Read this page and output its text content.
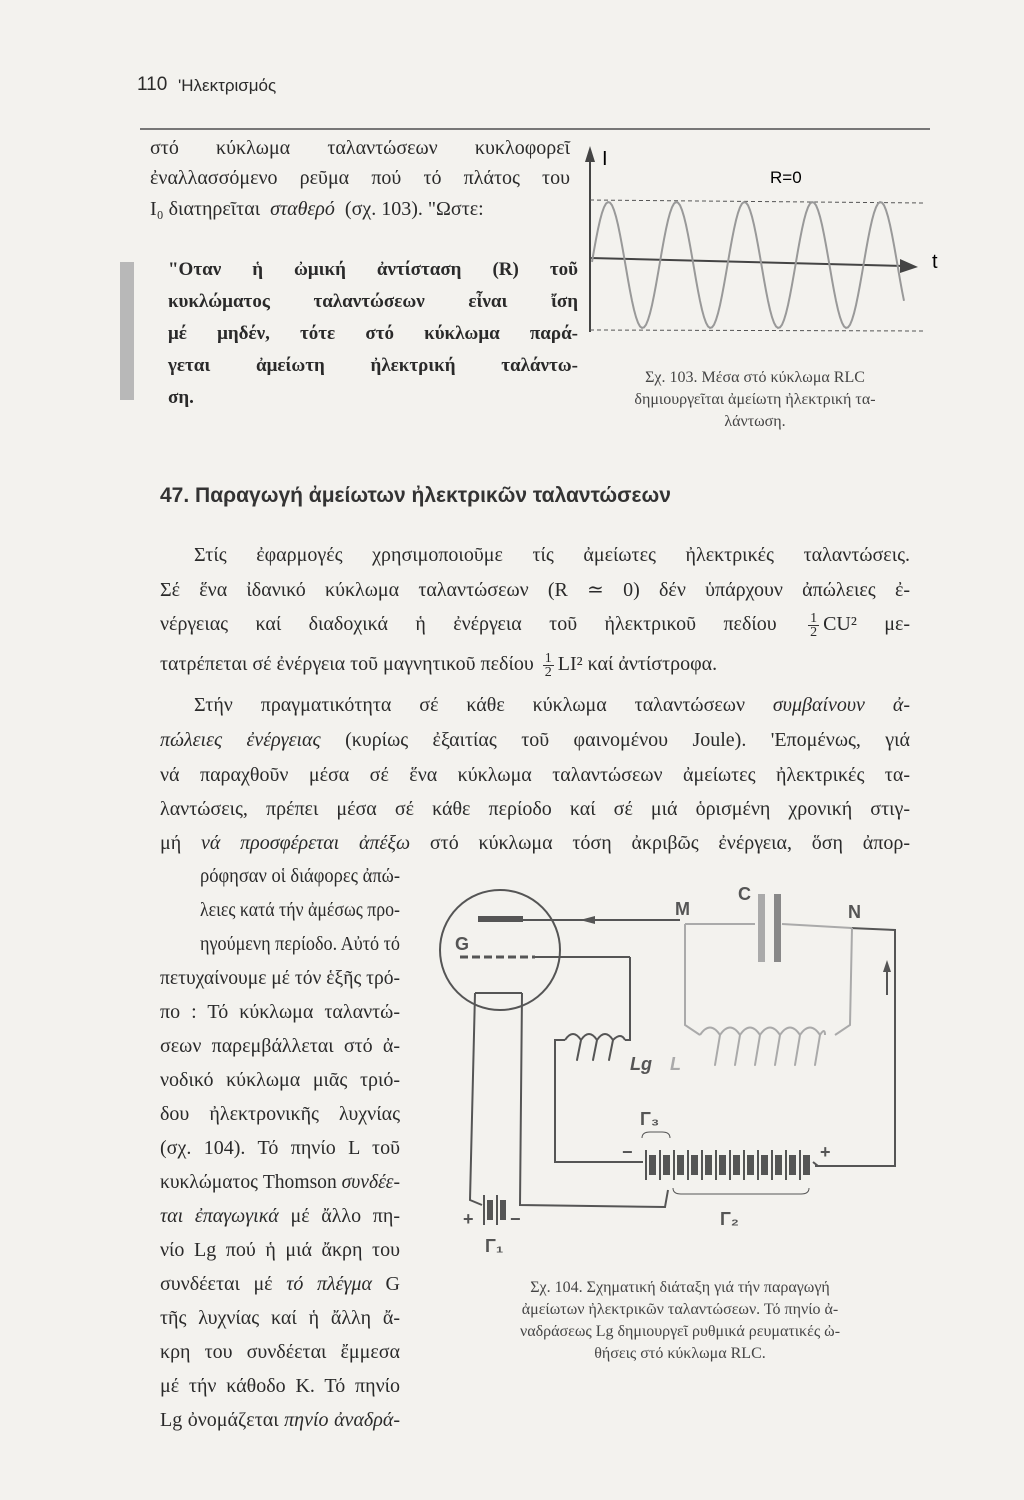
110 'Ηλεκτρισμός
στό κύκλωμα ταλαντώσεων κυκλοφορεῖ
ἐναλλασσόμενο ρεῦμα πού τό πλάτος του
I₀ διατηρεῖται σταθερό (σχ. 103). "Ωστε:
"Οταν ἡ ὠμική ἀντίσταση (R) τοῦ
κυκλώματος ταλαντώσεων εἶναι ἴση
μέ μηδέν, τότε στό κύκλωμα παρά-
γεται ἀμείωτη ἠλεκτρική ταλάντω-
ση.
I
t
R=0
Σχ. 103. Μέσα στό κύκλωμα RLC
δημιουργεῖται ἀμείωτη ἠλεκτρική τα-
λάντωση.
47. Παραγωγή ἀμείωτων ἠλεκτρικῶν ταλαντώσεων
Στίς ἐφαρμογές χρησιμοποιοῦμε τίς ἀμείωτες ἠλεκτρικές ταλαντώσεις.
Σέ ἕνα ἰδανικό κύκλωμα ταλαντώσεων (R ≃ 0) δέν ὑπάρχουν ἀπώλειες ἐ-
νέργειας καί διαδοχικά ἡ ἐνέργεια τοῦ ἠλεκτρικοῦ πεδίου $\frac{1}{2} CU^2$ με-
τατρέπεται σέ ἐνέργεια τοῦ μαγνητικοῦ πεδίου $\frac{1}{2} LI^2$ καί ἀντίστροφα.
Στήν πραγματικότητα σέ κάθε κύκλωμα ταλαντώσεων συμβαίνουν ἀ-
πώλειες ἐνέργειας (κυρίως ἐξαιτίας τοῦ φαινομένου Joule). 'Επομένως, γιά
νά παραχθοῦν μέσα σέ ἕνα κύκλωμα ταλαντώσεων ἀμείωτες ἠλεκτρικές τα-
λαντώσεις, πρέπει μέσα σέ κάθε περίοδο καί σέ μιά ὁρισμένη χρονική στιγ-
μή νά προσφέρεται ἀπέξω στό κύκλωμα τόση ἀκριβῶς ἐνέργεια, ὅση ἀπορ-
ρόφησαν οἱ διάφορες ἀπώ-
λειες κατά τήν ἀμέσως προ-
ηγούμενη περίοδο. Αὐτό τό
πετυχαίνουμε μέ τόν ἑξῆς τρό-
πο : Τό κύκλωμα ταλαντώ-
σεων παρεμβάλλεται στό ἀ-
νοδικό κύκλωμα μιᾶς τριό-
δου ἠλεκτρονικῆς λυχνίας
(σχ. 104). Τό πηνίο L τοῦ
κυκλώματος Thomson συνδέε-
ται ἐπαγωγικά μέ ἄλλο πη-
νίο Lg πού ἡ μιά ἄκρη του
συνδέεται μέ τό πλέγμα G
τῆς λυχνίας καί ἡ ἄλλη ἄ-
κρη του συνδέεται ἔμμεσα
μέ τήν κάθοδο Κ. Τό πηνίο
Lg ὀνομάζεται πηνίο ἀναδρά-
G
M
C
N
Lg L
Γ₃
Γ₂
Γ₁
+
−
+ −
Σχ. 104. Σχηματική διάταξη γιά τήν παραγωγή
ἀμείωτων ἠλεκτρικῶν ταλαντώσεων. Τό πηνίο ἀ-
ναδράσεως Lg δημιουργεῖ ρυθμικά ρευματικές ὠ-
θήσεις στό κύκλωμα RLC.
